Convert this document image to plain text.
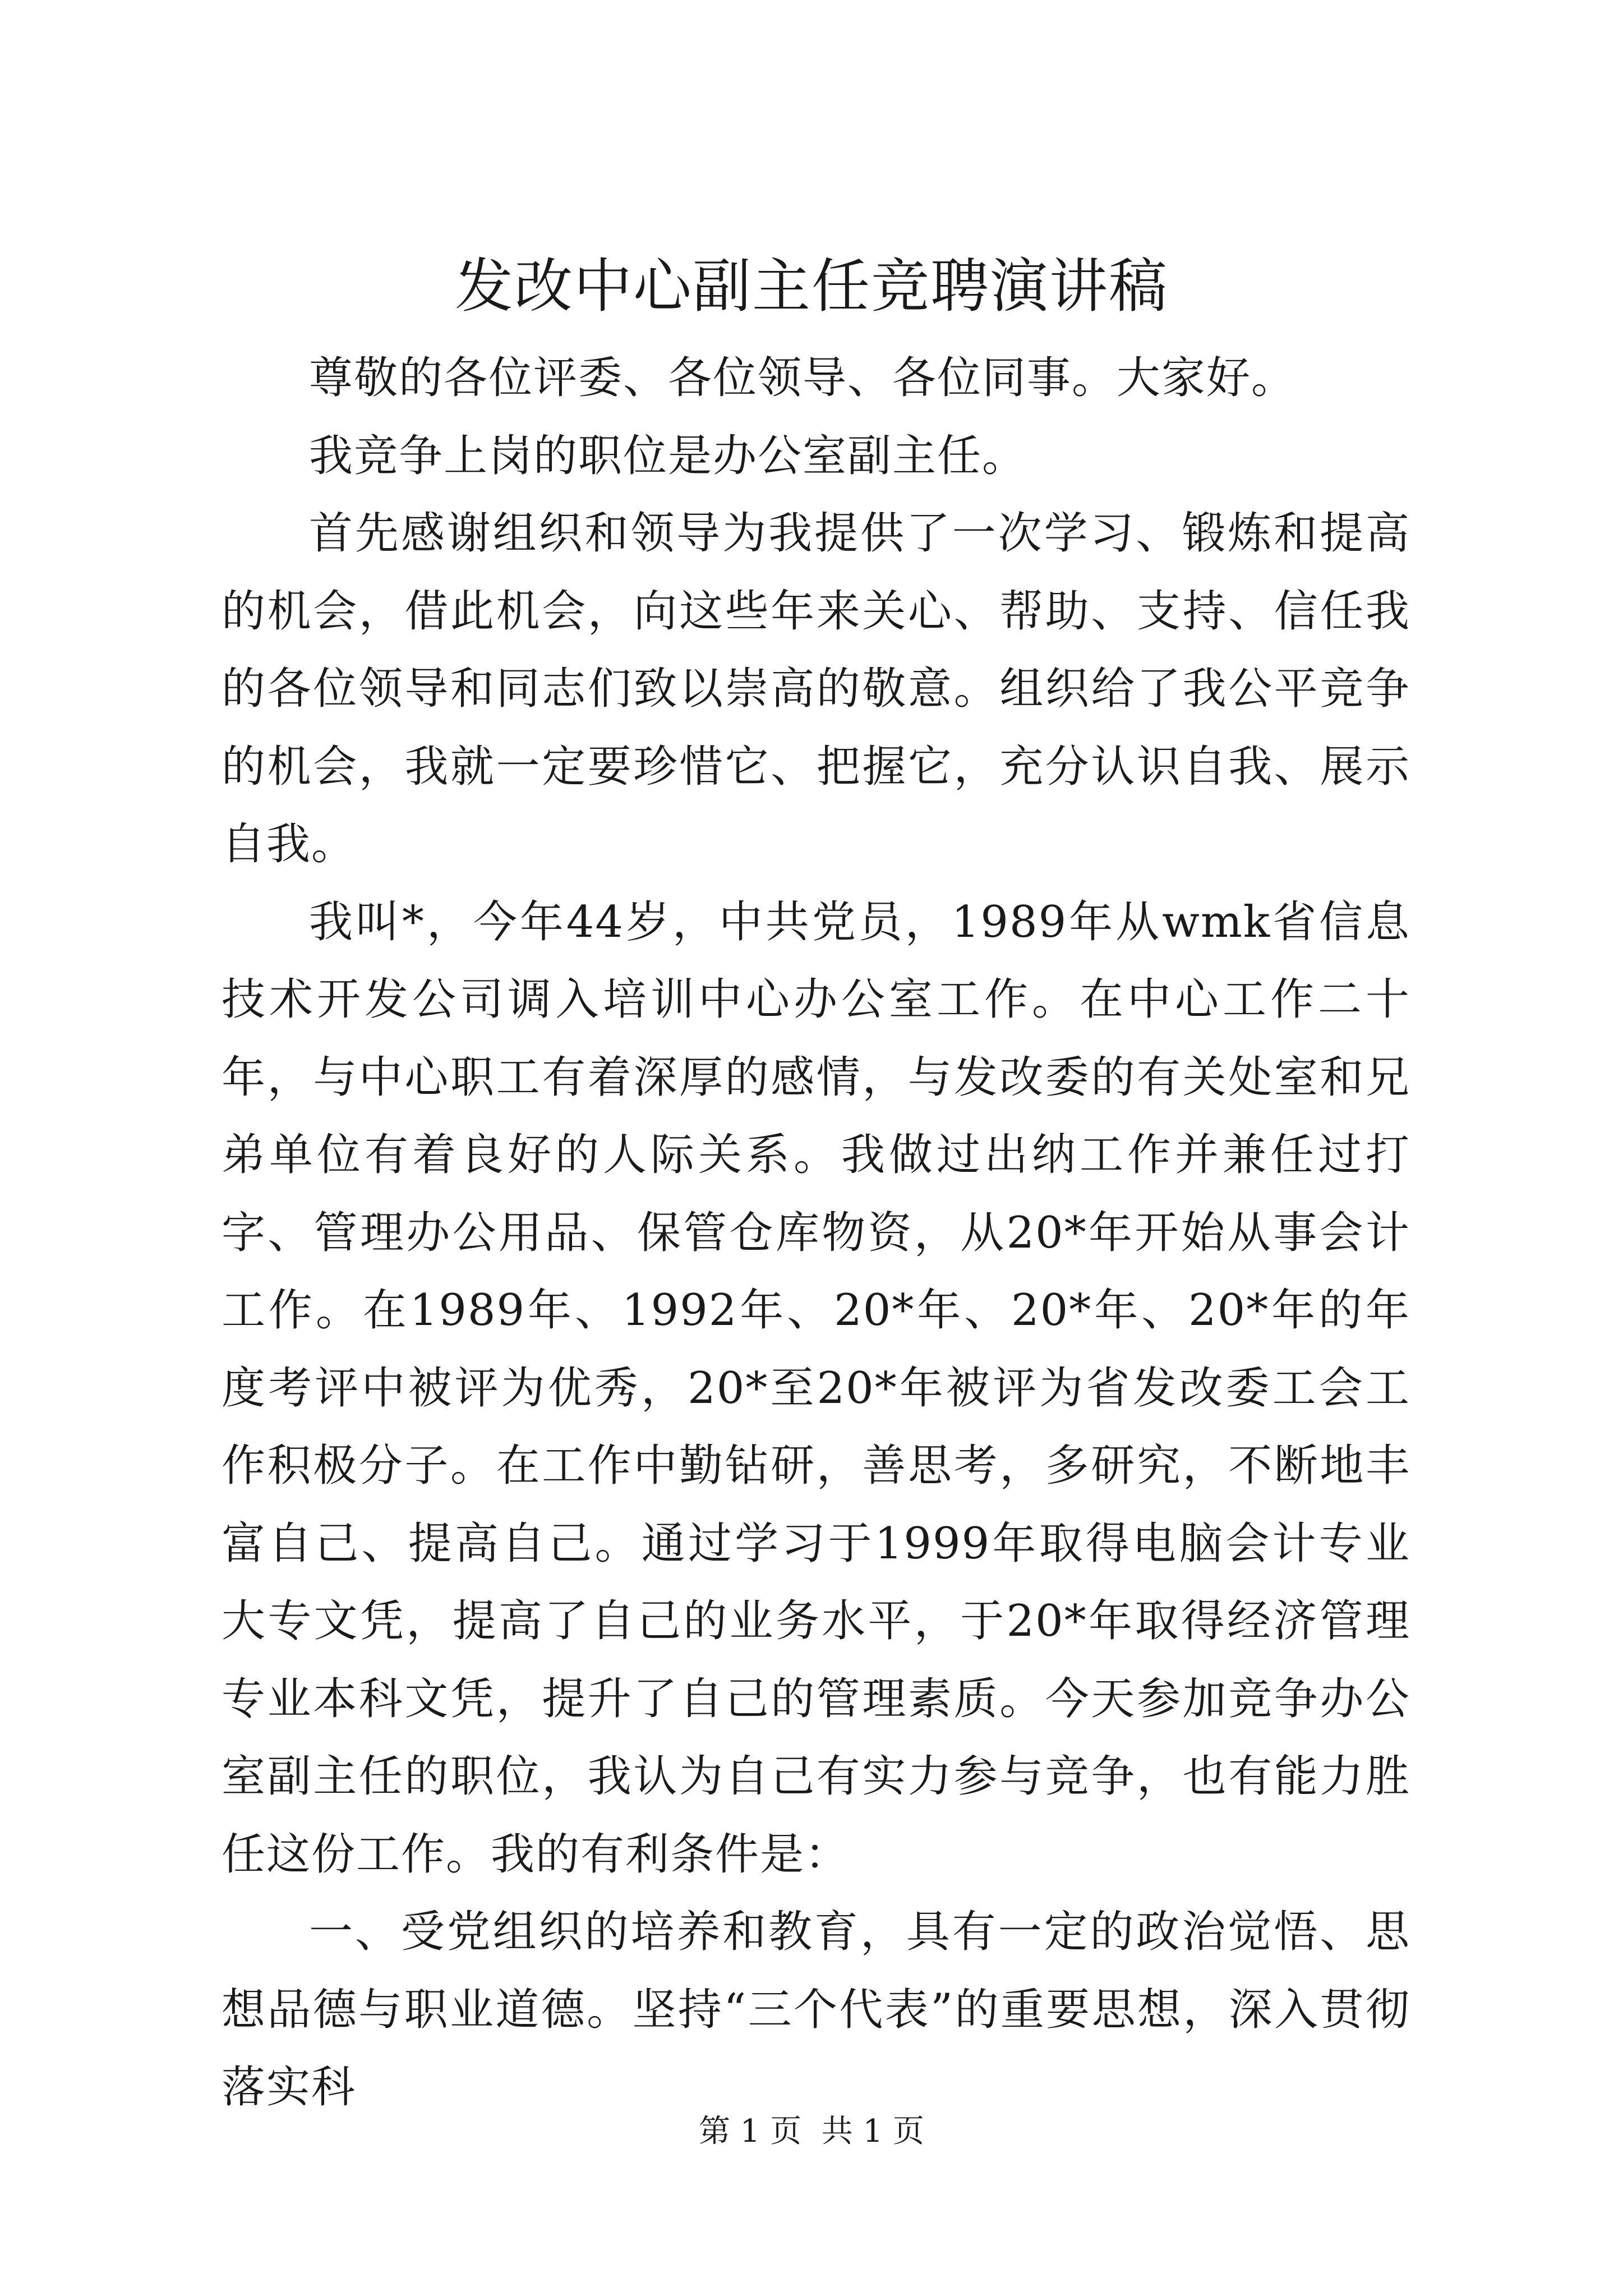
发改中心副主任竞聘演讲稿

尊敬的各位评委、各位领导、各位同事。大家好。

我竞争上岗的职位是办公室副主任。

首先感谢组织和领导为我提供了一次学习、锻炼和提高的机会，借此机会，向这些年来关心、帮助、支持、信任我的各位领导和同志们致以崇高的敬意。组织给了我公平竞争的机会，我就一定要珍惜它、把握它，充分认识自我、展示自我。

我叫*，今年44岁，中共党员，1989年从wmk省信息技术开发公司调入培训中心办公室工作。在中心工作二十年，与中心职工有着深厚的感情，与发改委的有关处室和兄弟单位有着良好的人际关系。我做过出纳工作并兼任过打字、管理办公用品、保管仓库物资，从20*年开始从事会计工作。在1989年、1992年、20*年、20*年、20*年的年度考评中被评为优秀，20*至20*年被评为省发改委工会工作积极分子。在工作中勤钻研，善思考，多研究，不断地丰富自己、提高自己。通过学习于1999年取得电脑会计专业大专文凭，提高了自己的业务水平，于20*年取得经济管理专业本科文凭，提升了自己的管理素质。今天参加竞争办公室副主任的职位，我认为自己有实力参与竞争，也有能力胜任这份工作。我的有利条件是：

一、受党组织的培养和教育，具有一定的政治觉悟、思想品德与职业道德。坚持“三个代表”的重要思想，深入贯彻落实科

第 1 页  共 1 页
